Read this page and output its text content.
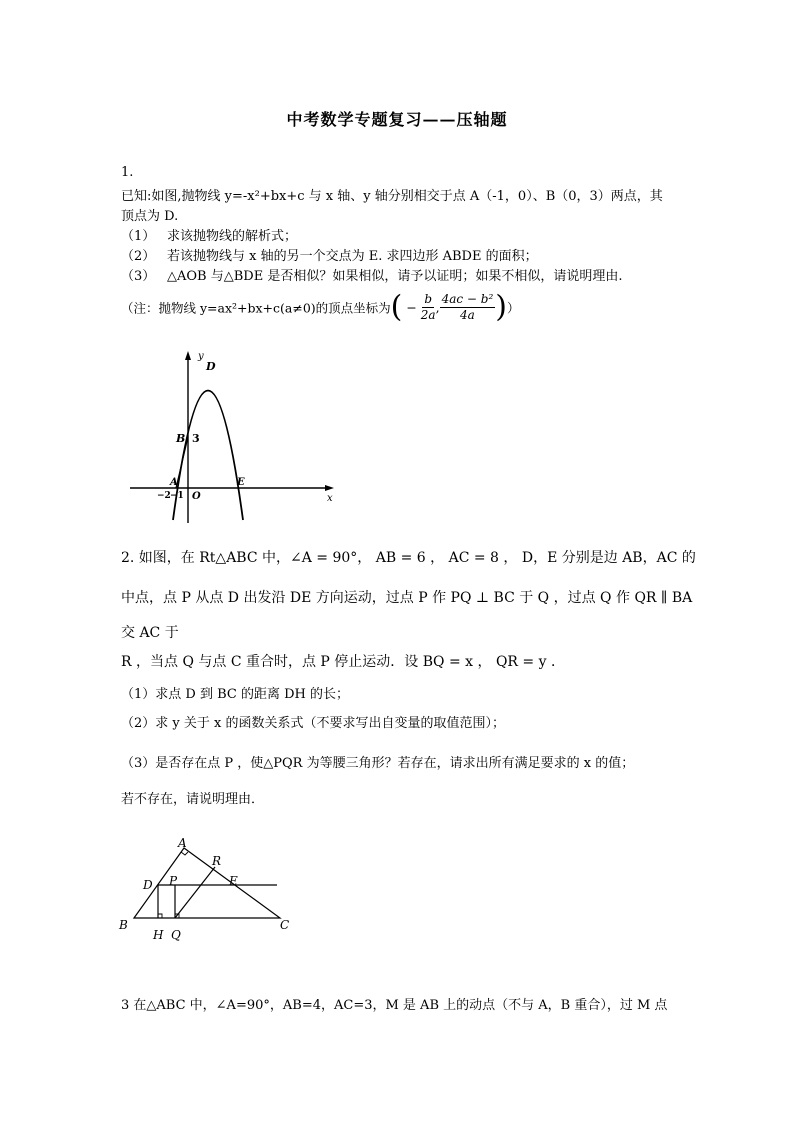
中考数学专题复习——压轴题
1.
已知:如图,抛物线 y=-x²+bx+c 与 x 轴、y 轴分别相交于点 A（-1，0）、B（0，3）两点，其
顶点为 D.
（1） 求该抛物线的解析式；
（2） 若该抛物线与 x 轴的另一个交点为 E. 求四边形 ABDE 的面积；
（3） △AOB 与△BDE 是否相似？如果相似，请予以证明；如果不相似，请说明理由.
（注：抛物线 y=ax²+bx+c(a≠0)的顶点坐标为( − $\frac{b}{2a}$ , $\frac{\text{4ac − b²}}{4a}$ )）
y
x
D
B 3
A
−2 −1 O
E
2. 如图，在 Rt△ABC 中，∠A = 90°， AB = 6 ， AC = 8 ， D，E 分别是边 AB，AC 的
中点，点 P 从点 D 出发沿 DE 方向运动，过点 P 作 PQ ⊥ BC 于 Q ，过点 Q 作 QR ∥ BA
交 AC 于
R ，当点 Q 与点 C 重合时，点 P 停止运动．设 BQ = x ， QR = y ．
（1）求点 D 到 BC 的距离 DH 的长；
（2）求 y 关于 x 的函数关系式（不要求写出自变量的取值范围）；
（3）是否存在点 P ，使△PQR 为等腰三角形？若存在，请求出所有满足要求的 x 的值；
若不存在，请说明理由．
A
R
D P	E
B
H Q
C
3 在△ABC 中，∠A=90°，AB=4，AC=3，M 是 AB 上的动点（不与 A，B 重合），过 M 点
